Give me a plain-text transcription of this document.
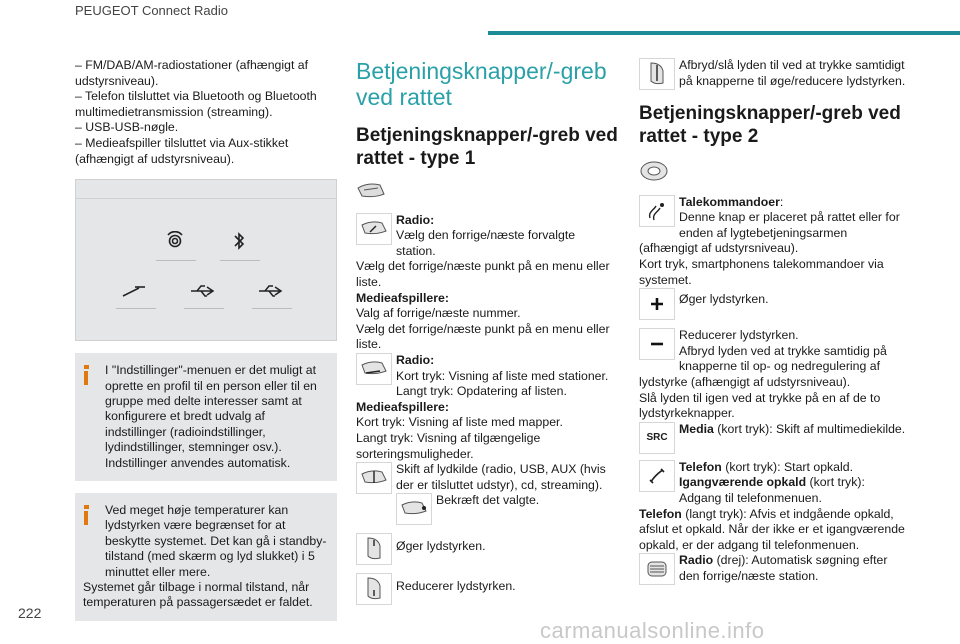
PEUGEOT Connect Radio

– FM/DAB/AM-radiostationer (afhængigt af udstyrsniveau).

– Telefon tilsluttet via Bluetooth og Bluetooth multimedietransmission (streaming).

– USB-USB-nøgle.

– Medieafspiller tilsluttet via Aux-stikket (afhængigt af udstyrsniveau).

I "Indstillinger"-menuen er det muligt at oprette en profil til en person eller til en gruppe med delte interesser samt at konfigurere et bredt udvalg af indstillinger (radioindstillinger, lydindstillinger, stemninger osv.). Indstillinger anvendes automatisk.

Ved meget høje temperaturer kan lydstyrken være begrænset for at beskytte systemet. Det kan gå i standby-tilstand (med skærm og lyd slukket) i 5 minuttet eller mere.

Systemet går tilbage i normal tilstand, når temperaturen på passagersædet er faldet.

Betjeningsknapper/-greb ved rattet
Betjeningsknapper/-greb ved rattet - type 1

Radio:

Vælg den forrige/næste forvalgte station.

Vælg det forrige/næste punkt på en menu eller liste.

Medieafspillere:

Valg af forrige/næste nummer.

Vælg det forrige/næste punkt på en menu eller liste.

Radio:

Kort tryk: Visning af liste med stationer.

Langt tryk: Opdatering af listen.

Medieafspillere:

Kort tryk: Visning af liste med mapper.

Langt tryk: Visning af tilgængelige sorteringsmuligheder.

Skift af lydkilde (radio, USB, AUX (hvis der er tilsluttet udstyr), cd, streaming).

Bekræft det valgte.

Øger lydstyrken.

Reducerer lydstyrken.

Afbryd/slå lyden til ved at trykke samtidigt på knapperne til øge/reducere lydstyrken.

Betjeningsknapper/-greb ved rattet - type 2

Talekommandoer:

Denne knap er placeret på rattet eller for enden af lygtebetjeningsarmen (afhængigt af udstyrsniveau).

Kort tryk, smartphonens talekommandoer via systemet.

Øger lydstyrken.

Reducerer lydstyrken.

Afbryd lyden ved at trykke samtidig på knapperne til op- og nedregulering af lydstyrke (afhængigt af udstyrsniveau).

Slå lyden til igen ved at trykke på en af de to lydstyrkeknapper.

SRC

Media (kort tryk): Skift af multimediekilde.

Telefon (kort tryk): Start opkald.

Igangværende opkald (kort tryk):

Adgang til telefonmenuen.

Telefon (langt tryk): Afvis et indgående opkald, afslut et opkald. Når der ikke er et igangværende opkald, er der adgang til telefonmenuen.

Radio (drej): Automatisk søgning efter den forrige/næste station.

222
carmanualsonline.info
